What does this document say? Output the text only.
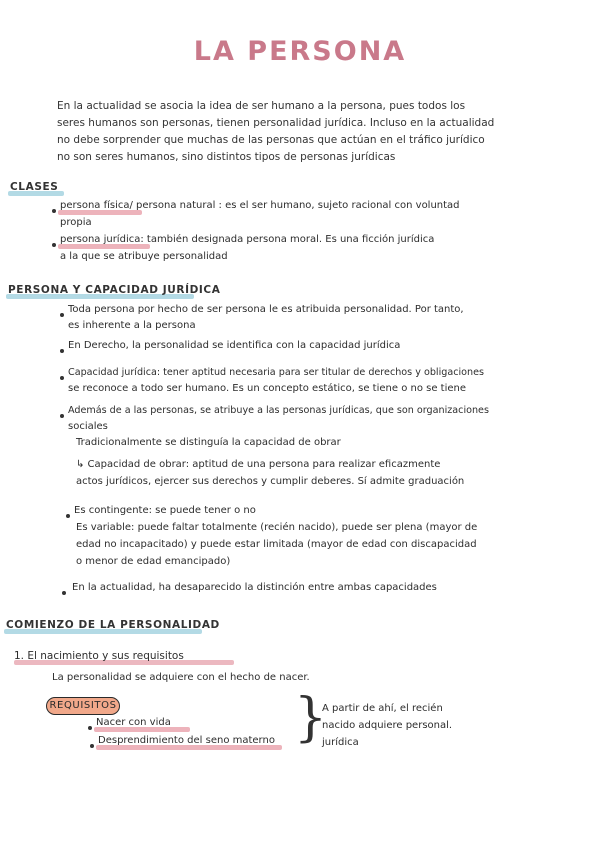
LA PERSONA
En la actualidad se asocia la idea de ser humano a la persona, pues todos los
seres humanos son personas, tienen personalidad jurídica. Incluso en la actualidad
no debe sorprender que muchas de las personas que actúan en el tráfico jurídico
no son seres humanos, sino distintos tipos de personas jurídicas
CLASES
persona física/ persona natural : es el ser humano, sujeto racional con voluntad
propia
persona jurídica: también designada persona moral. Es una ficción jurídica
a la que se atribuye personalidad
PERSONA Y CAPACIDAD JURÍDICA
Toda persona por hecho de ser persona le es atribuida personalidad. Por tanto,
es inherente a la persona
En Derecho, la personalidad se identifica con la capacidad jurídica
Capacidad jurídica: tener aptitud necesaria para ser titular de derechos y obligaciones
se reconoce a todo ser humano. Es un concepto estático, se tiene o no se tiene
Además de a las personas, se atribuye a las personas jurídicas, que son organizaciones
sociales
Tradicionalmente se distinguía la capacidad de obrar
↳ Capacidad de obrar: aptitud de una persona para realizar eficazmente
actos jurídicos, ejercer sus derechos y cumplir deberes. Sí admite graduación
Es contingente: se puede tener o no
Es variable: puede faltar totalmente (recién nacido), puede ser plena (mayor de
edad no incapacitado) y puede estar limitada (mayor de edad con discapacidad
o menor de edad emancipado)
En la actualidad, ha desaparecido la distinción entre ambas capacidades
COMIENZO DE LA PERSONALIDAD
1. El nacimiento y sus requisitos
La personalidad se adquiere con el hecho de nacer.
REQUISITOS
Nacer con vida
Desprendimiento del seno materno }
A partir de ahí, el recién
nacido adquiere personal.
jurídica
